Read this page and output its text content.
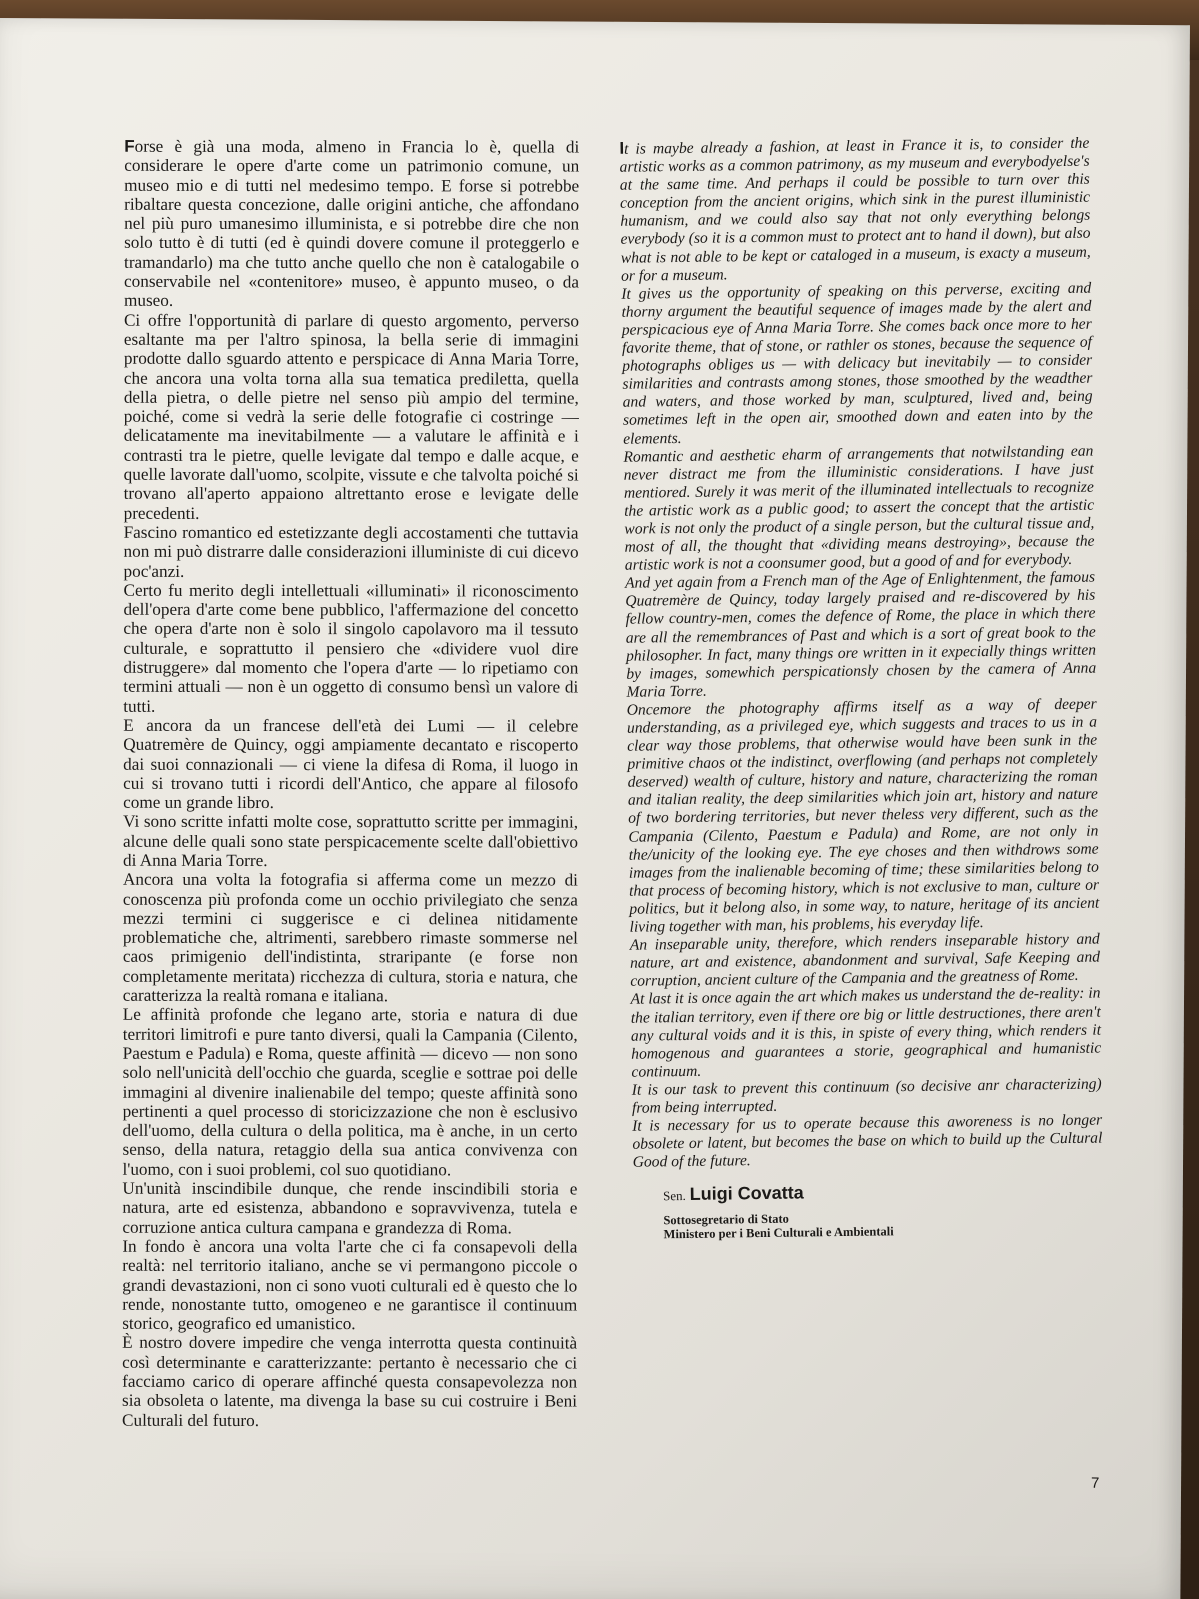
Forse è già una moda, almeno in Francia lo è, quella di considerare le opere d'arte come un patrimonio comune, un museo mio e di tutti nel medesimo tempo. E forse si potrebbe ribaltare questa concezione, dalle origini antiche, che affondano nel più puro umanesimo illuminista, e si potrebbe dire che non solo tutto è di tutti (ed è quindi dovere comune il proteggerlo e tramandarlo) ma che tutto anche quello che non è catalogabile o conservabile nel «contenitore» museo, è appunto museo, o da museo.

Ci offre l'opportunità di parlare di questo argomento, perverso esaltante ma per l'altro spinosa, la bella serie di immagini prodotte dallo sguardo attento e perspicace di Anna Maria Torre, che ancora una volta torna alla sua tematica prediletta, quella della pietra, o delle pietre nel senso più ampio del termine, poiché, come si vedrà la serie delle fotografie ci costringe — delicatamente ma inevitabilmente — a valutare le affinità e i contrasti tra le pietre, quelle levigate dal tempo e dalle acque, e quelle lavorate dall'uomo, scolpite, vissute e che talvolta poiché si trovano all'aperto appaiono altrettanto erose e levigate delle precedenti.

Fascino romantico ed estetizzante degli accostamenti che tuttavia non mi può distrarre dalle considerazioni illuministe di cui dicevo poc'anzi.

Certo fu merito degli intellettuali «illuminati» il riconoscimento dell'opera d'arte come bene pubblico, l'affermazione del concetto che opera d'arte non è solo il singolo capolavoro ma il tessuto culturale, e soprattutto il pensiero che «dividere vuol dire distruggere» dal momento che l'opera d'arte — lo ripetiamo con termini attuali — non è un oggetto di consumo bensì un valore di tutti.

E ancora da un francese dell'età dei Lumi — il celebre Quatremère de Quincy, oggi ampiamente decantato e riscoperto dai suoi connazionali — ci viene la difesa di Roma, il luogo in cui si trovano tutti i ricordi dell'Antico, che appare al filosofo come un grande libro.

Vi sono scritte infatti molte cose, soprattutto scritte per immagini, alcune delle quali sono state perspicacemente scelte dall'obiettivo di Anna Maria Torre.

Ancora una volta la fotografia si afferma come un mezzo di conoscenza più profonda come un occhio privilegiato che senza mezzi termini ci suggerisce e ci delinea nitidamente problematiche che, altrimenti, sarebbero rimaste sommerse nel caos primigenio dell'indistinta, straripante (e forse non completamente meritata) ricchezza di cultura, storia e natura, che caratterizza la realtà romana e italiana.

Le affinità profonde che legano arte, storia e natura di due territori limitrofi e pure tanto diversi, quali la Campania (Cilento, Paestum e Padula) e Roma, queste affinità — dicevo — non sono solo nell'unicità dell'occhio che guarda, sceglie e sottrae poi delle immagini al divenire inalienabile del tempo; queste affinità sono pertinenti a quel processo di storicizzazione che non è esclusivo dell'uomo, della cultura o della politica, ma è anche, in un certo senso, della natura, retaggio della sua antica convivenza con l'uomo, con i suoi problemi, col suo quotidiano.

Un'unità inscindibile dunque, che rende inscindibili storia e natura, arte ed esistenza, abbandono e sopravvivenza, tutela e corruzione antica cultura campana e grandezza di Roma.

In fondo è ancora una volta l'arte che ci fa consapevoli della realtà: nel territorio italiano, anche se vi permangono piccole o grandi devastazioni, non ci sono vuoti culturali ed è questo che lo rende, nonostante tutto, omogeneo e ne garantisce il continuum storico, geografico ed umanistico.

È nostro dovere impedire che venga interrotta questa continuità così determinante e caratterizzante: pertanto è necessario che ci facciamo carico di operare affinché questa consapevolezza non sia obsoleta o latente, ma divenga la base su cui costruire i Beni Culturali del futuro.

It is maybe already a fashion, at least in France it is, to consider the artistic works as a common patrimony, as my museum and everybodyelse's at the same time. And perhaps il could be possible to turn over this conception from the ancient origins, which sink in the purest illuministic humanism, and we could also say that not only everything belongs everybody (so it is a common must to protect ant to hand il down), but also what is not able to be kept or cataloged in a museum, is exacty a museum, or for a museum.

It gives us the opportunity of speaking on this perverse, exciting and thorny argument the beautiful sequence of images made by the alert and perspicacious eye of Anna Maria Torre. She comes back once more to her favorite theme, that of stone, or rathler os stones, because the sequence of photographs obliges us — with delicacy but inevitabily — to consider similarities and contrasts among stones, those smoothed by the weadther and waters, and those worked by man, sculptured, lived and, being sometimes left in the open air, smoothed down and eaten into by the elements.

Romantic and aesthetic eharm of arrangements that notwilstanding ean never distract me from the illuministic considerations. I have just mentiored. Surely it was merit of the illuminated intellectuals to recognize the artistic work as a public good; to assert the concept that the artistic work is not only the product of a single person, but the cultural tissue and, most of all, the thought that «dividing means destroying», because the artistic work is not a coonsumer good, but a good of and for everybody.

And yet again from a French man of the Age of Enlightenment, the famous Quatremère de Quincy, today largely praised and re-discovered by his fellow country-men, comes the defence of Rome, the place in which there are all the remembrances of Past and which is a sort of great book to the philosopher. In fact, many things ore written in it expecially things written by images, somewhich perspicationsly chosen by the camera of Anna Maria Torre.

Oncemore the photography affirms itself as a way of deeper understanding, as a privileged eye, which suggests and traces to us in a clear way those problems, that otherwise would have been sunk in the primitive chaos ot the indistinct, overflowing (and perhaps not completely deserved) wealth of culture, history and nature, characterizing the roman and italian reality, the deep similarities which join art, history and nature of two bordering territories, but never theless very different, such as the Campania (Cilento, Paestum e Padula) and Rome, are not only in the/unicity of the looking eye. The eye choses and then withdrows some images from the inalienable becoming of time; these similarities belong to that process of becoming history, which is not exclusive to man, culture or politics, but it belong also, in some way, to nature, heritage of its ancient living together with man, his problems, his everyday life.

An inseparable unity, therefore, which renders inseparable history and nature, art and existence, abandonment and survival, Safe Keeping and corruption, ancient culture of the Campania and the greatness of Rome.

At last it is once again the art which makes us understand the de-reality: in the italian territory, even if there ore big or little destructiones, there aren't any cultural voids and it is this, in spiste of every thing, which renders it homogenous and guarantees a storie, geographical and humanistic continuum.

It is our task to prevent this continuum (so decisive anr characterizing) from being interrupted.

It is necessary for us to operate because this aworeness is no longer obsolete or latent, but becomes the base on which to build up the Cultural Good of the future.

Sen. Luigi Covatta
Sottosegretario di Stato
Ministero per i Beni Culturali e Ambientali
7
